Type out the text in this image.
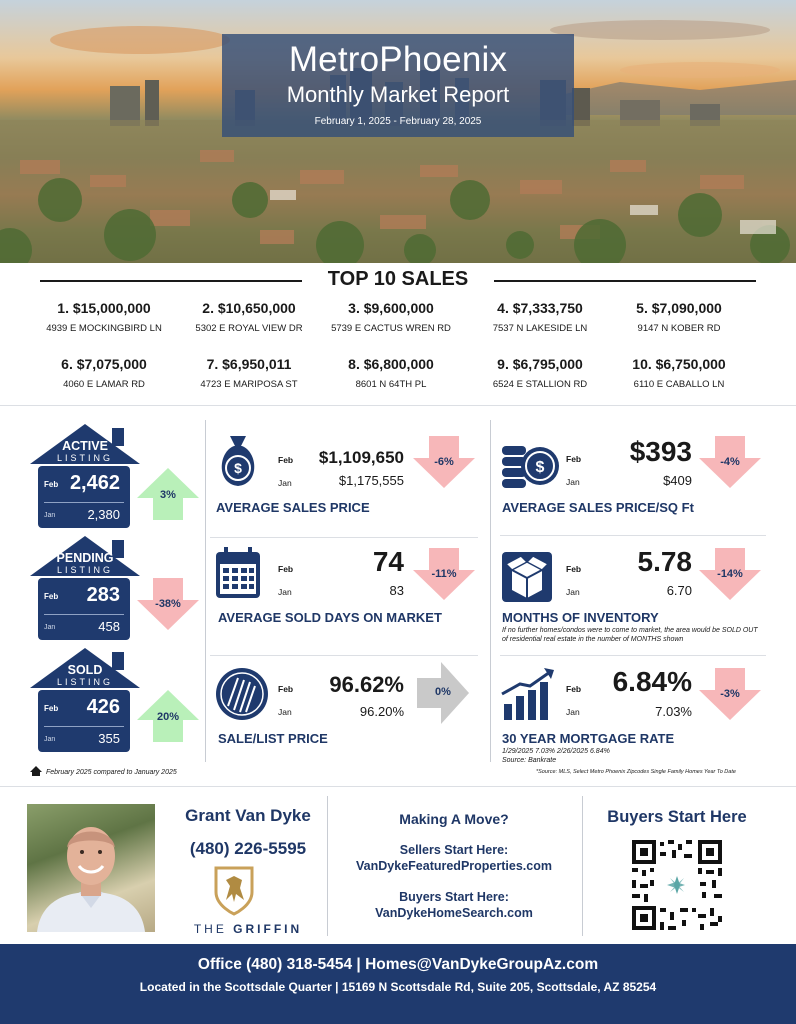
MetroPhoenix
Monthly Market Report
February 1, 2025 - February 28, 2025
TOP 10 SALES
1. $15,000,000
4939 E MOCKINGBIRD LN
2. $10,650,000
5302 E ROYAL VIEW DR
3. $9,600,000
5739 E CACTUS WREN RD
4. $7,333,750
7537 N LAKESIDE LN
5. $7,090,000
9147 N KOBER RD
6. $7,075,000
4060 E LAMAR RD
7. $6,950,011
4723 E MARIPOSA ST
8. $6,800,000
8601 N 64TH PL
9. $6,795,000
6524 E STALLION RD
10. $6,750,000
6110 E CABALLO LN
ACTIVE
LISTING
Feb 2,462
Jan 2,380
3%
PENDING
LISTING
Feb 283
Jan	458
-38%
SOLD
LISTING
Feb 426
Jan	355
20%
$	Feb
Jan
$1,109,650
$1,175,555
AVERAGE SALES PRICE
-6%	$	Feb
Jan
$393
$409
AVERAGE SALES PRICE/SQ Ft
-4%
Feb
Jan
74
83
AVERAGE SOLD DAYS ON MARKET
-11%	Feb
Jan
5.78
6.70
MONTHS OF INVENTORY
If no further homes/condos were to come to market, the area would be SOLD OUT of residential real estate in the number of MONTHS shown
-14%
Feb
Jan
96.62%
96.20%
SALE/LIST PRICE
0%	Feb
Jan
6.84%
7.03%
30 YEAR MORTGAGE RATE
1/29/2025 7.03% 2/26/2025 6.84%
Source: Bankrate
-3%
February 2025 compared to January 2025	*Source: MLS, Select Metro Phoenix Zipcodes Single Family Homes Year To Date
Grant Van Dyke
(480) 226-5595
THE GRIFFIN
Making A Move?
Sellers Start Here:
VanDykeFeaturedProperties.com
Buyers Start Here:
VanDykeHomeSearch.com
Buyers Start Here
Office (480) 318-5454 | Homes@VanDykeGroupAz.com
Located in the Scottsdale Quarter | 15169 N Scottsdale Rd, Suite 205, Scottsdale, AZ 85254
